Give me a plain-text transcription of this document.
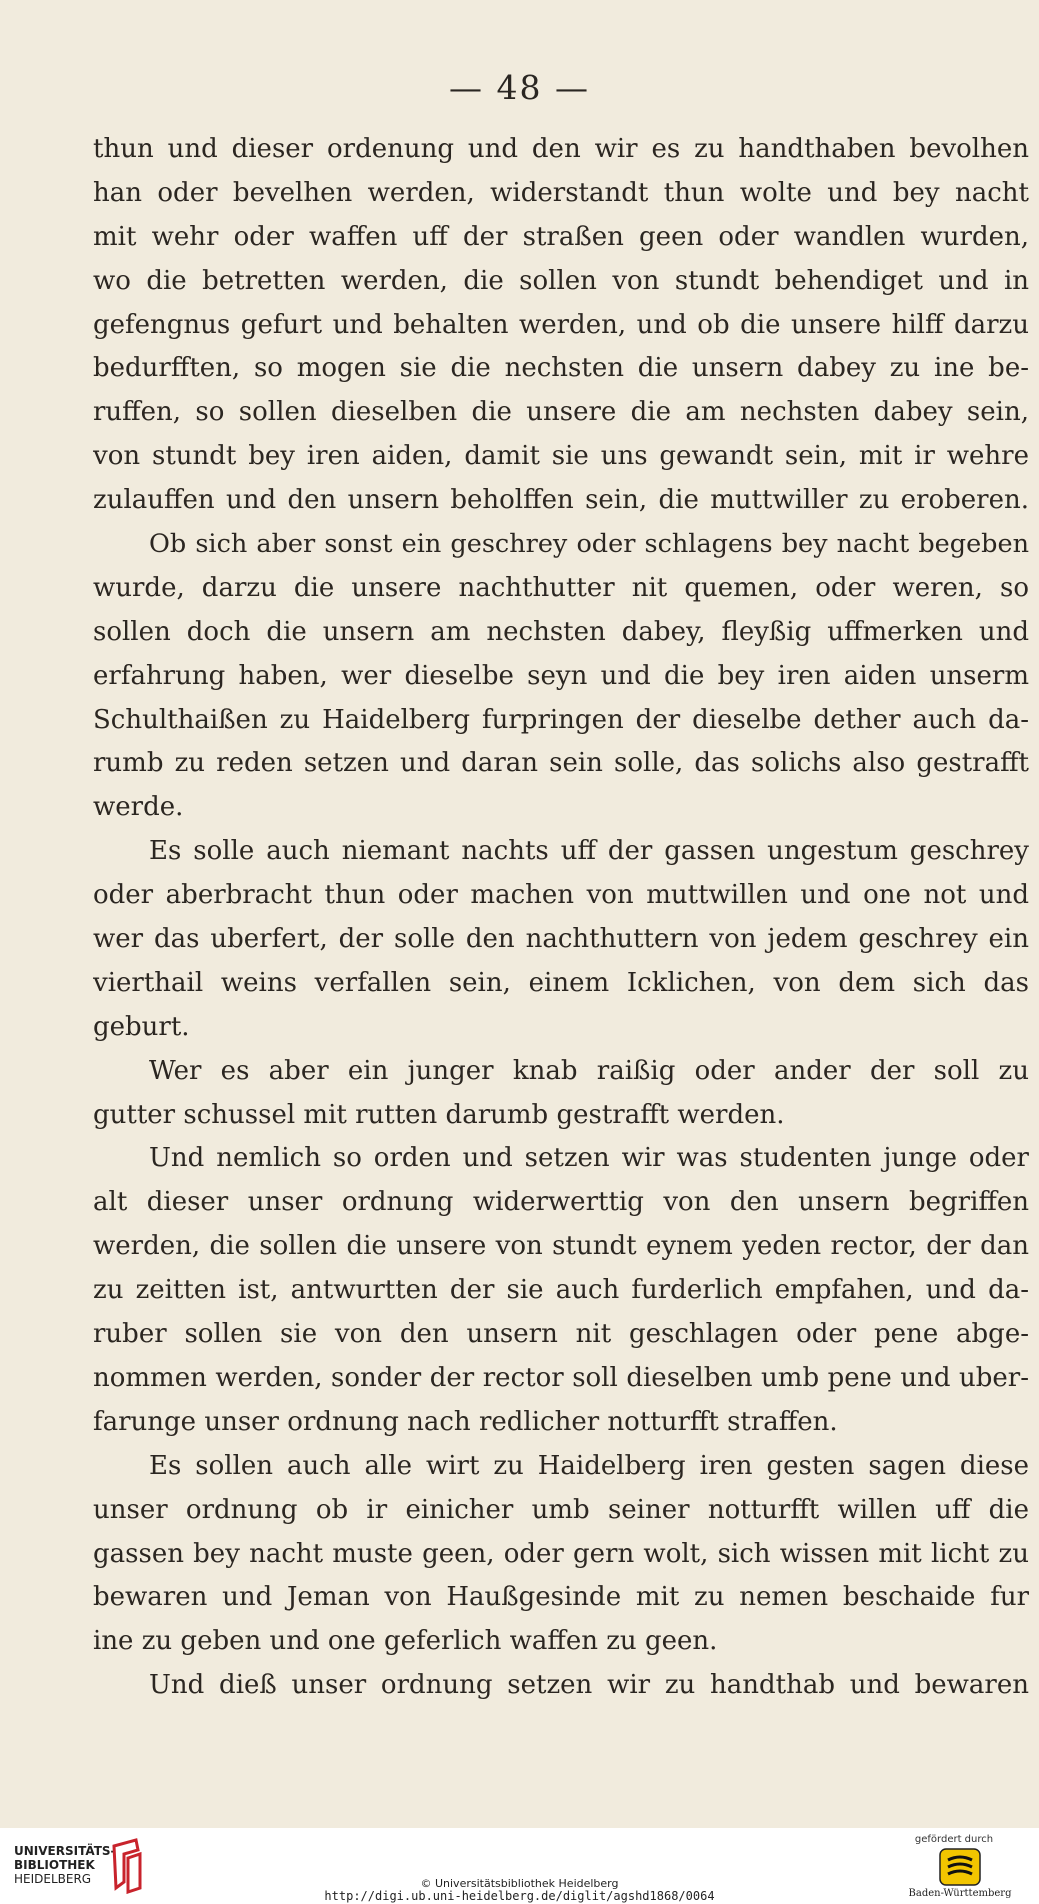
— 48 —
thun und dieser ordenung und den wir es zu handthaben bevolhen
han oder bevelhen werden, widerstandt thun wolte und bey nacht
mit wehr oder waffen uff der straßen geen oder wandlen wurden,
wo die betretten werden, die sollen von stundt behendiget und in
gefengnus gefurt und behalten werden, und ob die unsere hilff darzu
bedurfften, so mogen sie die nechsten die unsern dabey zu ine be-
ruffen, so sollen dieselben die unsere die am nechsten dabey sein,
von stundt bey iren aiden, damit sie uns gewandt sein, mit ir wehre
zulauffen und den unsern beholffen sein, die muttwiller zu eroberen.
Ob sich aber sonst ein geschrey oder schlagens bey nacht begeben
wurde, darzu die unsere nachthutter nit quemen, oder weren, so
sollen doch die unsern am nechsten dabey, fleyßig uffmerken und
erfahrung haben, wer dieselbe seyn und die bey iren aiden unserm
Schulthaißen zu Haidelberg furpringen der dieselbe dether auch da-
rumb zu reden setzen und daran sein solle, das solichs also gestrafft
werde.
Es solle auch niemant nachts uff der gassen ungestum geschrey
oder aberbracht thun oder machen von muttwillen und one not und
wer das uberfert, der solle den nachthuttern von jedem geschrey ein
vierthail weins verfallen sein, einem Icklichen, von dem sich das
geburt.
Wer es aber ein junger knab raißig oder ander der soll zu
gutter schussel mit rutten darumb gestrafft werden.
Und nemlich so orden und setzen wir was studenten junge oder
alt dieser unser ordnung widerwerttig von den unsern begriffen
werden, die sollen die unsere von stundt eynem yeden rector, der dan
zu zeitten ist, antwurtten der sie auch furderlich empfahen, und da-
ruber sollen sie von den unsern nit geschlagen oder pene abge-
nommen werden, sonder der rector soll dieselben umb pene und uber-
farunge unser ordnung nach redlicher notturfft straffen.
Es sollen auch alle wirt zu Haidelberg iren gesten sagen diese
unser ordnung ob ir einicher umb seiner notturfft willen uff die
gassen bey nacht muste geen, oder gern wolt, sich wissen mit licht zu
bewaren und Jeman von Haußgesinde mit zu nemen beschaide fur
ine zu geben und one geferlich waffen zu geen.
Und dieß unser ordnung setzen wir zu handthab und bewaren
UNIVERSITÄTS-
BIBLIOTHEK
HEIDELBERG	© Universitätsbibliothek Heidelberg
http://digi.ub.uni-heidelberg.de/diglit/agshd1868/0064
gefördert durch
Baden-Württemberg
